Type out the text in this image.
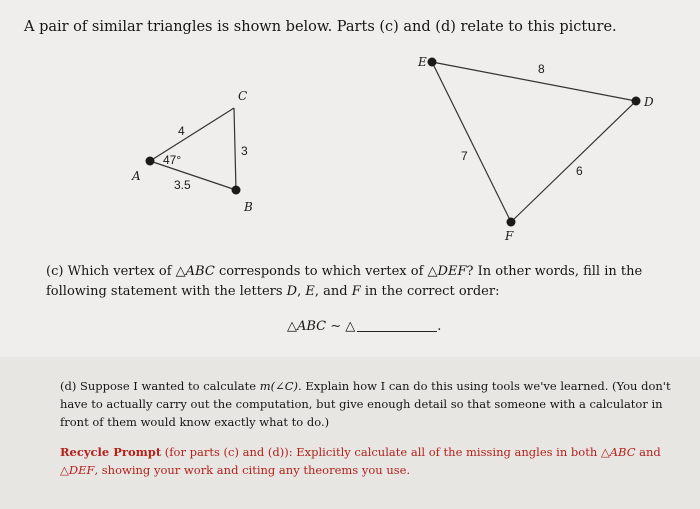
A pair of similar triangles is shown below. Parts (c) and (d) relate to this picture.
A
B
C
4
3
3.5
47°
E
D
F
8
7
6
(c) Which vertex of △ABC corresponds to which vertex of △DEF? In other words, fill in the following statement with the letters D, E, and F in the correct order:
△ABC ∼ △	.
(d) Suppose I wanted to calculate m(∠C). Explain how I can do this using tools we've learned. (You don't have to actually carry out the computation, but give enough detail so that someone with a calculator in front of them would know exactly what to do.)
Recycle Prompt (for parts (c) and (d)): Explicitly calculate all of the missing angles in both △ABC and △DEF, showing your work and citing any theorems you use.
